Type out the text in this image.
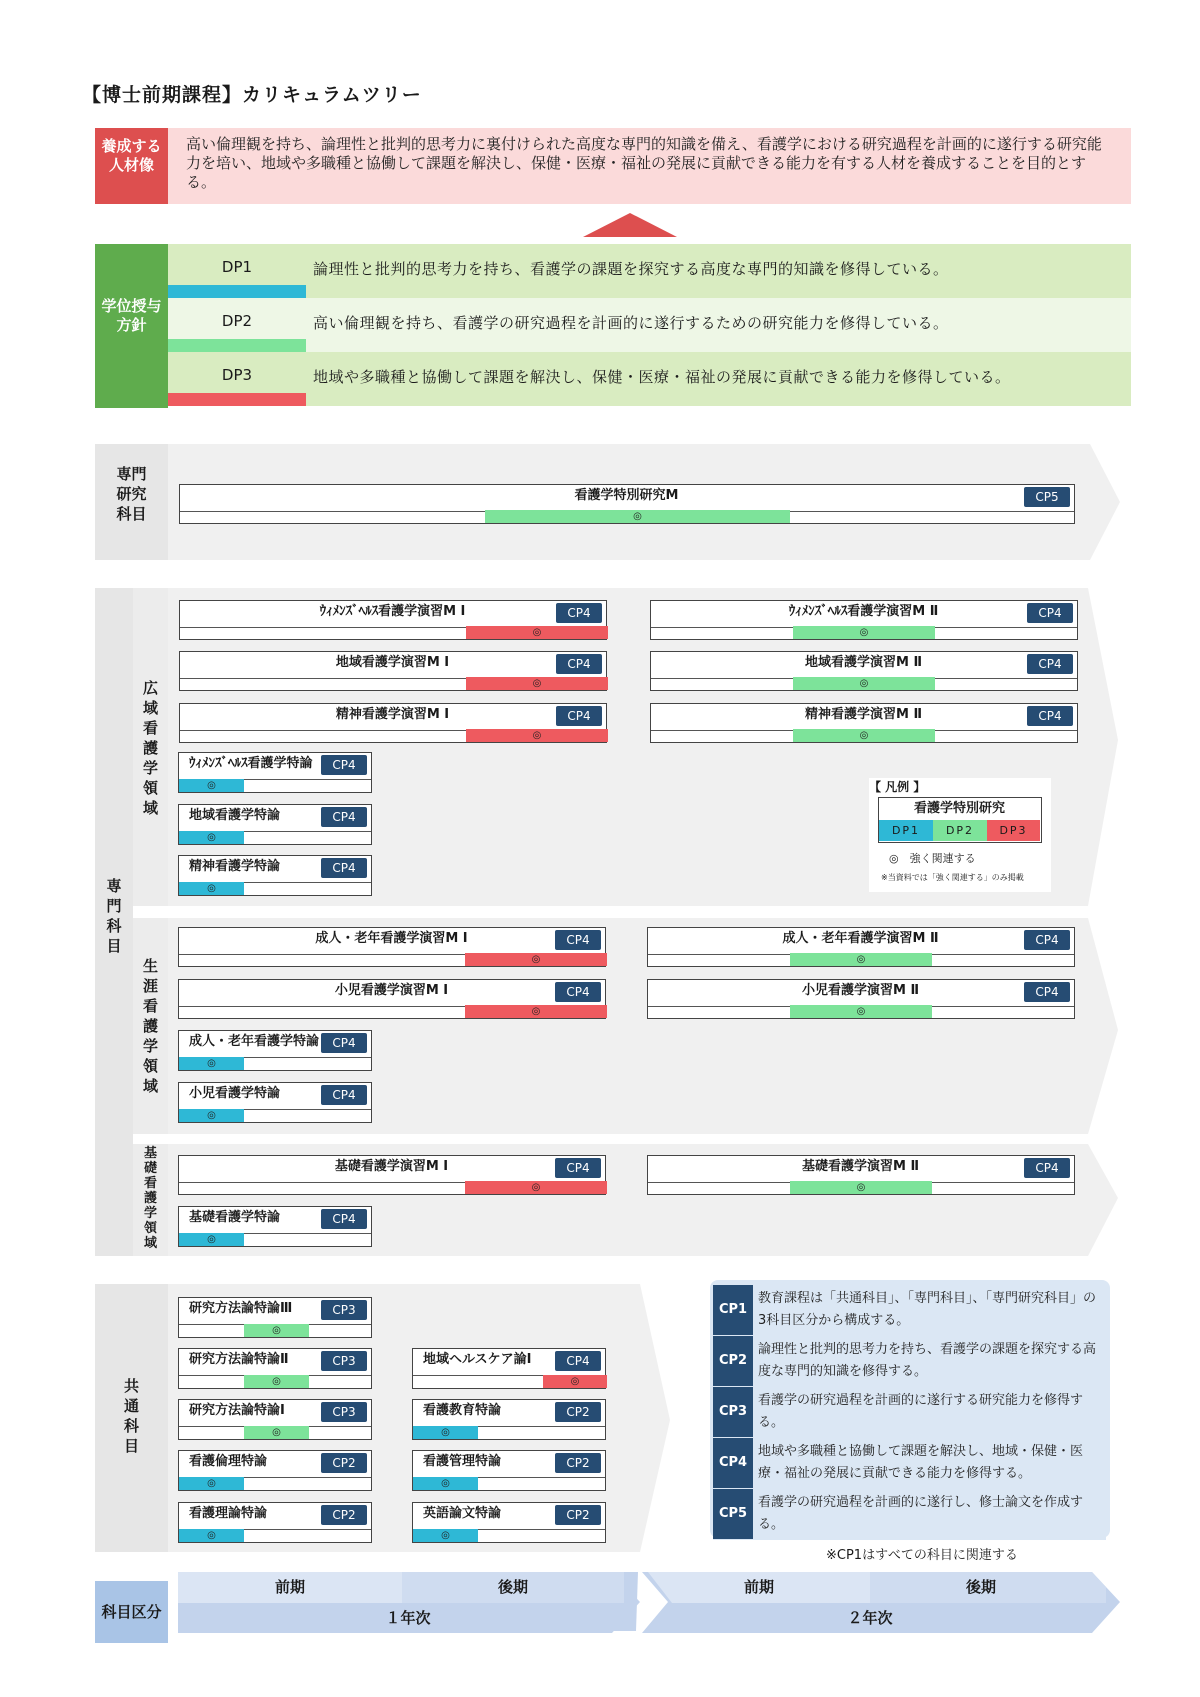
【博士前期課程】カリキュラムツリー
養成する人材像
高い倫理観を持ち、論理性と批判的思考力に裏付けられた高度な専門的知識を備え、看護学における研究過程を計画的に遂行する研究能力を培い、地域や多職種と協働して課題を解決し、保健・医療・福祉の発展に貢献できる能力を有する人材を養成することを目的とする。
学位授与方針
DP1	論理性と批判的思考力を持ち、看護学の課題を探究する高度な専門的知識を修得している。
DP2	高い倫理観を持ち、看護学の研究過程を計画的に遂行するための研究能力を修得している。
DP3	地域や多職種と協働して課題を解決し、保健・医療・福祉の発展に貢献できる能力を修得している。
専門研究科目
専門科目
広域看護学領域
生涯看護学領域
基礎看護学領域
共通科目
看護学特別研究M	CP5
◎
ｳｨﾒﾝｽﾞﾍﾙｽ看護学演習M Ⅰ	CP4
◎
ｳｨﾒﾝｽﾞﾍﾙｽ看護学演習M Ⅱ	CP4
◎
地域看護学演習M Ⅰ	CP4
◎
地域看護学演習M Ⅱ	CP4
◎
精神看護学演習M Ⅰ	CP4
◎
精神看護学演習M Ⅱ	CP4
◎
ｳｨﾒﾝｽﾞﾍﾙｽ看護学特論	CP4
◎
地域看護学特論	CP4
◎
精神看護学特論	CP4
◎
成人・老年看護学演習M Ⅰ	CP4
◎
成人・老年看護学演習M Ⅱ	CP4
◎
小児看護学演習M Ⅰ	CP4
◎
小児看護学演習M Ⅱ	CP4
◎
成人・老年看護学特論	CP4
◎
小児看護学特論	CP4
◎
基礎看護学演習M Ⅰ	CP4
◎
基礎看護学演習M Ⅱ	CP4
◎
基礎看護学特論	CP4
◎
研究方法論特論Ⅲ	CP3
◎
研究方法論特論Ⅱ	CP3
◎
研究方法論特論Ⅰ	CP3
◎
看護倫理特論	CP2
◎
看護理論特論	CP2
◎
地域ヘルスケア論Ⅰ	CP4
◎
看護教育特論	CP2
◎
看護管理特論	CP2
◎
英語論文特論	CP2
◎
【 凡例 】
看護学特別研究
DP1	DP2	DP3
◎　強く関連する
※当資料では「強く関連する」のみ掲載
CP1
教育課程は「共通科目」、「専門科目」、「専門研究科目」の3科目区分から構成する。
CP2
論理性と批判的思考力を持ち、看護学の課題を探究する高度な専門的知識を修得する。
CP3
看護学の研究過程を計画的に遂行する研究能力を修得する。
CP4
地域や多職種と協働して課題を解決し、地域・保健・医療・福祉の発展に貢献できる能力を修得する。
CP5
看護学の研究過程を計画的に遂行し、修士論文を作成する。
※CP1はすべての科目に関連する
科目区分
前期	後期
１年次
前期	後期
２年次
